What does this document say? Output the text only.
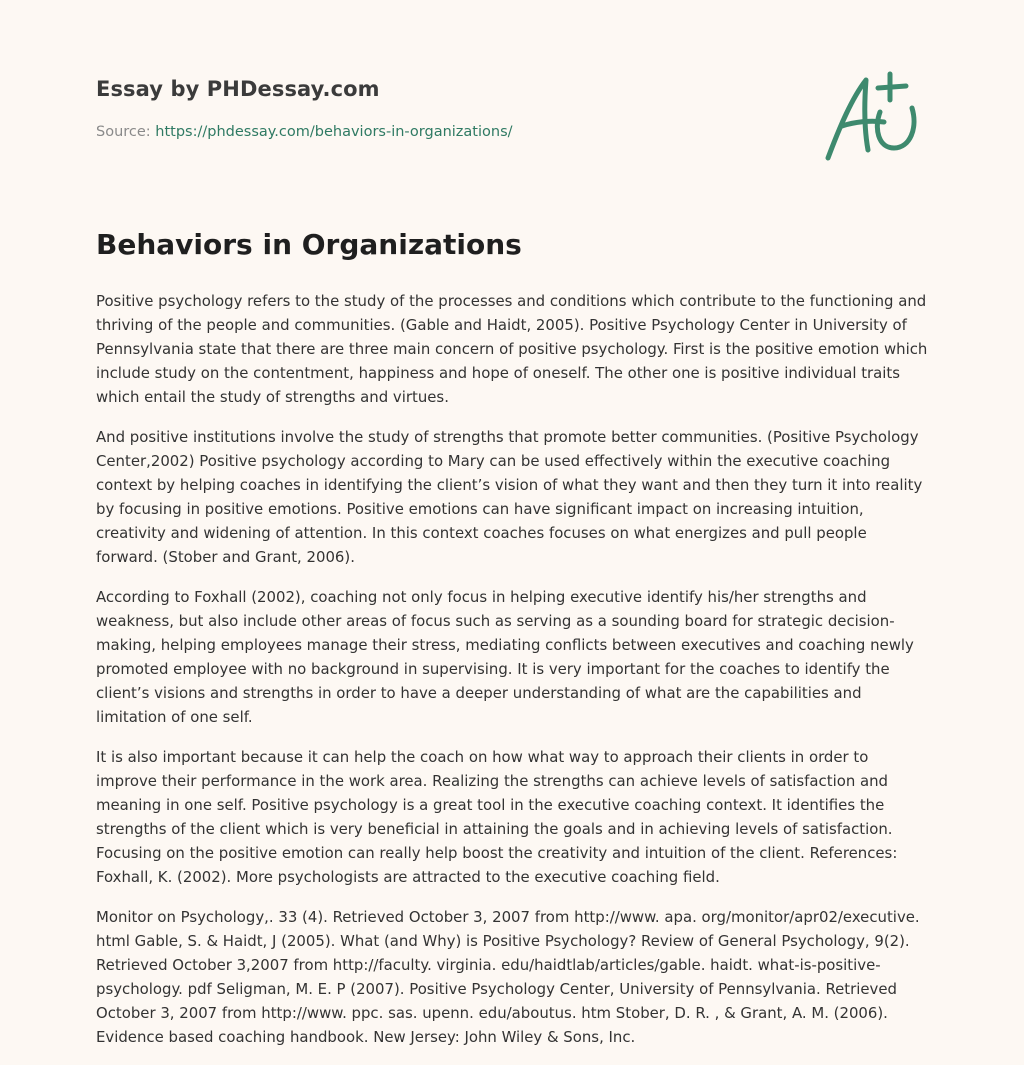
Essay by PHDessay.com
Source: https://phdessay.com/behaviors-in-organizations/
Behaviors in Organizations

Positive psychology refers to the study of the processes and conditions which contribute to the functioning and thriving of the people and communities. (Gable and Haidt, 2005). Positive Psychology Center in University of Pennsylvania state that there are three main concern of positive psychology. First is the positive emotion which include study on the contentment, happiness and hope of oneself. The other one is positive individual traits which entail the study of strengths and virtues.

And positive institutions involve the study of strengths that promote better communities. (Positive Psychology Center,2002) Positive psychology according to Mary can be used effectively within the executive coaching context by helping coaches in identifying the client’s vision of what they want and then they turn it into reality by focusing in positive emotions. Positive emotions can have significant impact on increasing intuition, creativity and widening of attention. In this context coaches focuses on what energizes and pull people forward. (Stober and Grant, 2006).

According to Foxhall (2002), coaching not only focus in helping executive identify his/her strengths and weakness, but also include other areas of focus such as serving as a sounding board for strategic decision-making, helping employees manage their stress, mediating conflicts between executives and coaching newly promoted employee with no background in supervising. It is very important for the coaches to identify the client’s visions and strengths in order to have a deeper understanding of what are the capabilities and limitation of one self.

It is also important because it can help the coach on how what way to approach their clients in order to improve their performance in the work area. Realizing the strengths can achieve levels of satisfaction and meaning in one self. Positive psychology is a great tool in the executive coaching context. It identifies the strengths of the client which is very beneficial in attaining the goals and in achieving levels of satisfaction. Focusing on the positive emotion can really help boost the creativity and intuition of the client. References: Foxhall, K. (2002). More psychologists are attracted to the executive coaching field.

Monitor on Psychology,. 33 (4). Retrieved October 3, 2007 from http://www. apa. org/monitor/apr02/executive. html Gable, S. & Haidt, J (2005). What (and Why) is Positive Psychology? Review of General Psychology, 9(2). Retrieved October 3,2007 from http://faculty. virginia. edu/haidtlab/articles/gable. haidt. what-is-positive-psychology. pdf Seligman, M. E. P (2007). Positive Psychology Center, University of Pennsylvania. Retrieved October 3, 2007 from http://www. ppc. sas. upenn. edu/aboutus. htm Stober, D. R. , & Grant, A. M. (2006). Evidence based coaching handbook. New Jersey: John Wiley & Sons, Inc.
